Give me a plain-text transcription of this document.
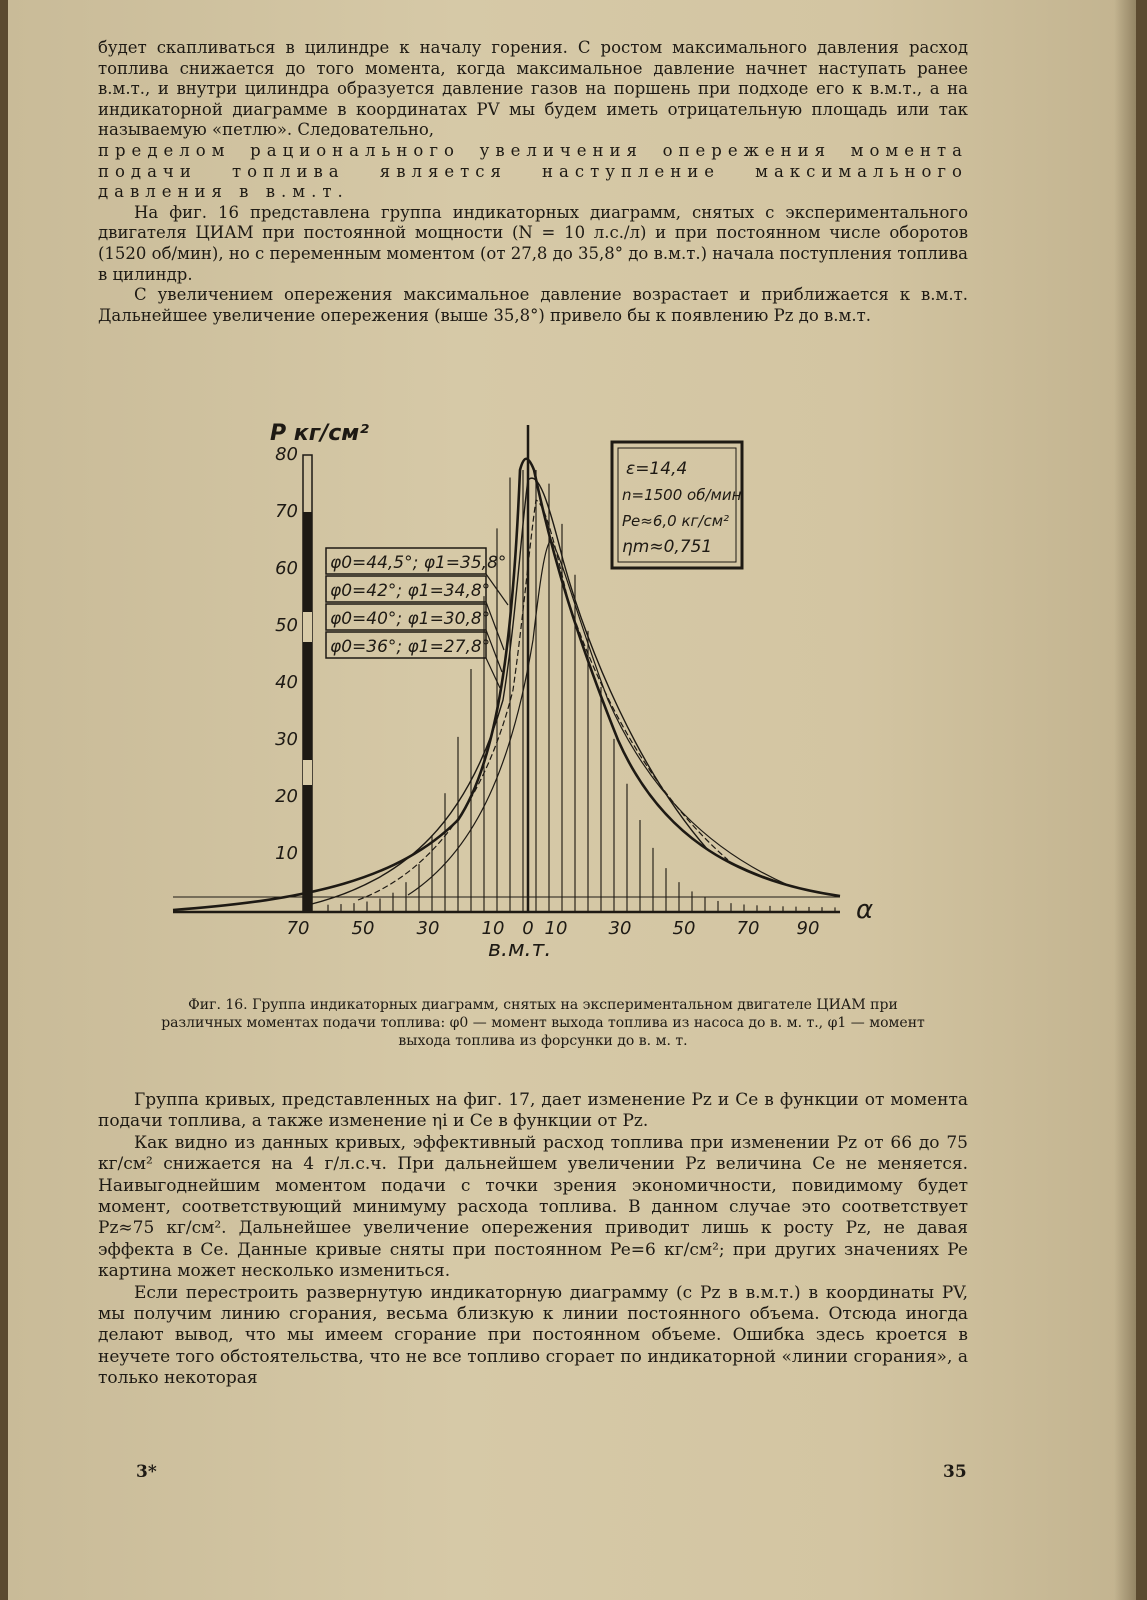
будет скапливаться в цилиндре к началу горения. С ростом максимального давления расход топлива снижается до того момента, когда максимальное давление начнет наступать ранее в.м.т., и внутри цилиндра образуется давление газов на поршень при подходе его к в.м.т., а на индикаторной диаграмме в координатах PV мы будем иметь отрицательную площадь или так называемую «петлю». Следовательно,

пределом рационального увеличения опережения момента подачи топлива является наступление максимального давления в в.м.т.

На фиг. 16 представлена группа индикаторных диаграмм, снятых с экспериментального двигателя ЦИАМ при постоянной мощности (N = 10 л.с./л) и при постоянном числе оборотов (1520 об/мин), но с переменным моментом (от 27,8 до 35,8° до в.м.т.) начала поступления топлива в цилиндр.

С увеличением опережения максимальное давление возрастает и приближается к в.м.т. Дальнейшее увеличение опережения (выше 35,8°) привело бы к появлению Pz до в.м.т.

80
70
60
50
40
30
20
10
70 50 30 10 0 10 30 50 70 90
φ0=44,5°; φ1=35,8°
φ0=42°; φ1=34,8°
φ0=40°; φ1=30,8°
φ0=36°; φ1=27,8°
ε=14,4
n=1500 об/мин
Pe≈6,0 кг/см²
ηm≈0,751
P кг/см²
α
в.м.т.
Фиг. 16. Группа индикаторных диаграмм, снятых на экспериментальном двигателе ЦИАМ при различных моментах подачи топлива: φ0 — момент выхода топлива из насоса до в. м. т., φ1 — момент выхода топлива из форсунки до в. м. т.

Группа кривых, представленных на фиг. 17, дает изменение Pz и Ce в функции от момента подачи топлива, а также изменение ηi и Ce в функции от Pz.

Как видно из данных кривых, эффективный расход топлива при изменении Pz от 66 до 75 кг/см² снижается на 4 г/л.с.ч. При дальнейшем увеличении Pz величина Ce не меняется. Наивыгоднейшим моментом подачи с точки зрения экономичности, повидимому будет момент, соответствующий минимуму расхода топлива. В данном случае это соответствует Pz≈75 кг/см². Дальнейшее увеличение опережения приводит лишь к росту Pz, не давая эффекта в Ce. Данные кривые сняты при постоянном Pe=6 кг/см²; при других значениях Pe картина может несколько измениться.

Если перестроить развернутую индикаторную диаграмму (с Pz в в.м.т.) в координаты PV, мы получим линию сгорания, весьма близкую к линии постоянного объема. Отсюда иногда делают вывод, что мы имеем сгорание при постоянном объеме. Ошибка здесь кроется в неучете того обстоятельства, что не все топливо сгорает по индикаторной «линии сгорания», а только некоторая

3*	35
